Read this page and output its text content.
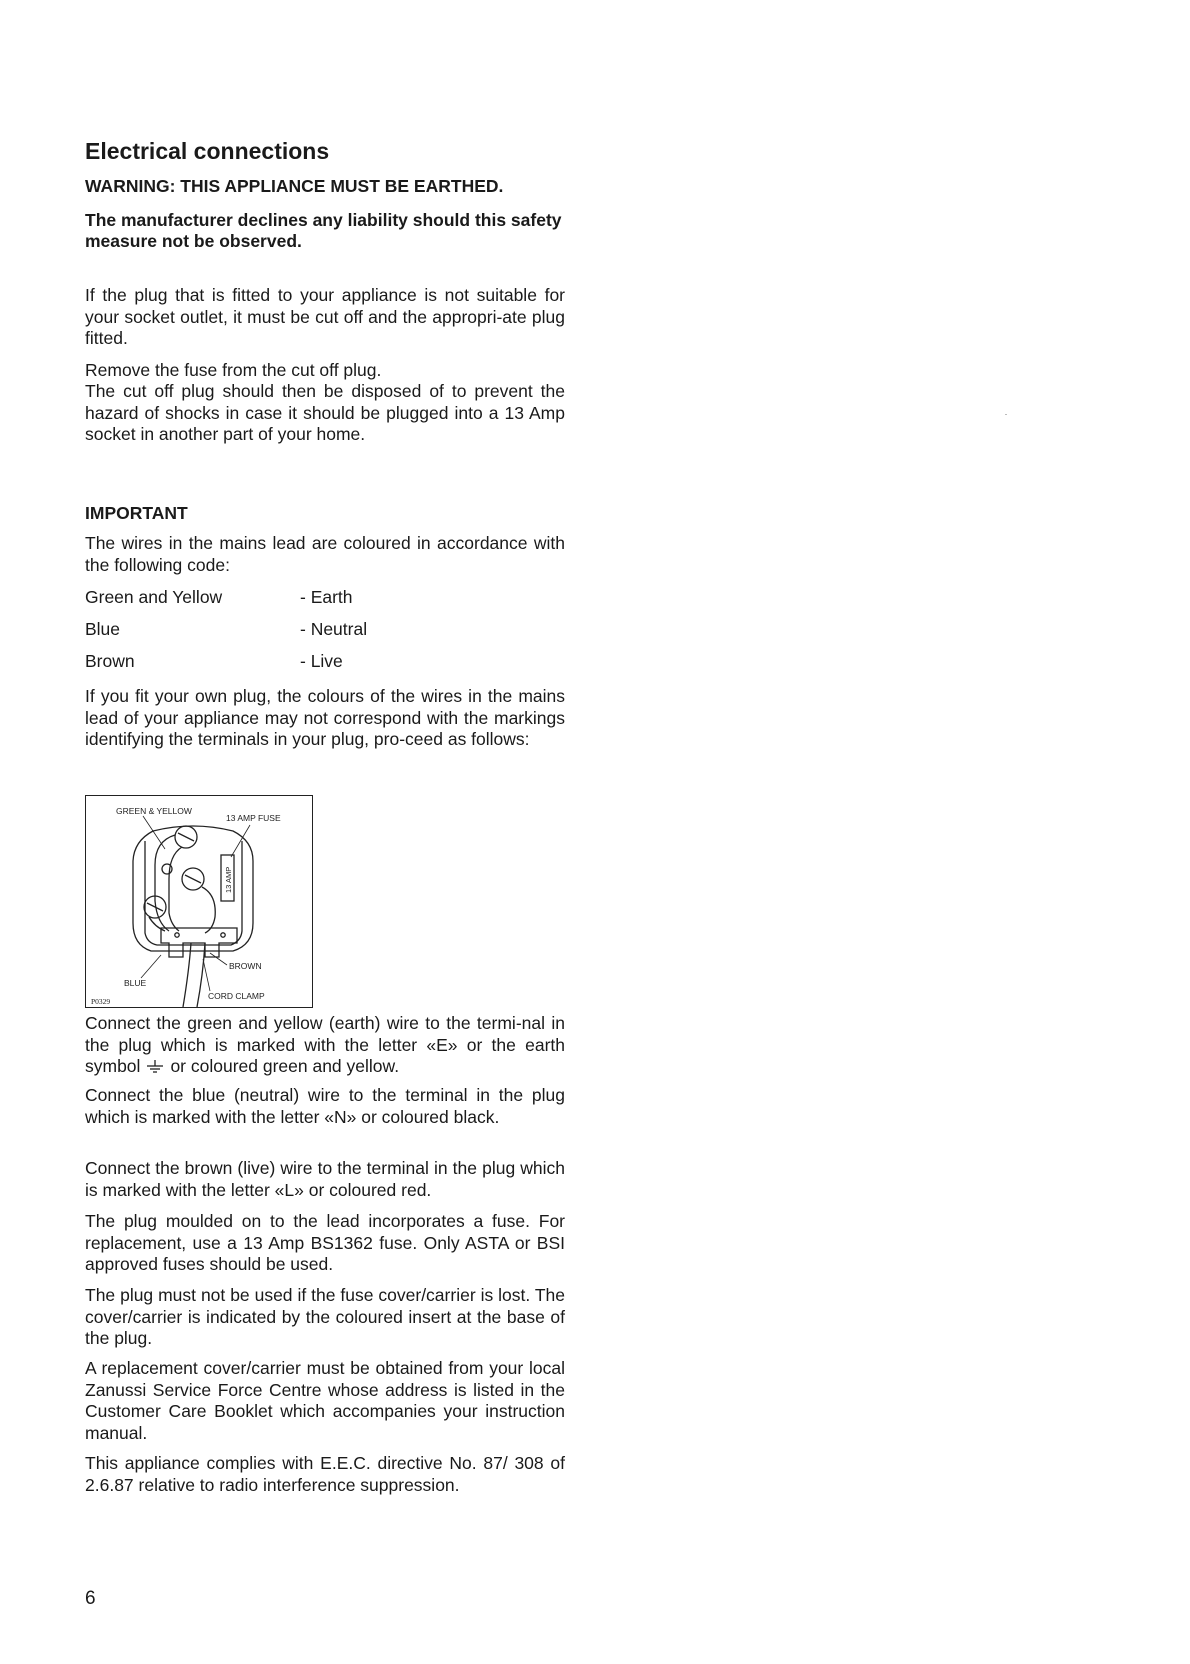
Electrical connections

WARNING: THIS APPLIANCE MUST BE EARTHED.

The manufacturer declines any liability should this safety measure not be observed.

If the plug that is fitted to your appliance is not suitable for your socket outlet, it must be cut off and the appropri-ate plug fitted.

Remove the fuse from the cut off plug.

The cut off plug should then be disposed of to prevent the hazard of shocks in case it should be plugged into a 13 Amp socket in another part of your home.

IMPORTANT

The wires in the mains lead are coloured in accordance with the following code:

Green and Yellow	- Earth
Blue	- Neutral
Brown	- Live

If you fit your own plug, the colours of the wires in the mains lead of your appliance may not correspond with the markings identifying the terminals in your plug, pro-ceed as follows:

GREEN & YELLOW
13 AMP FUSE
BROWN
BLUE
CORD CLAMP
P0329
13 AMP

Connect the green and yellow (earth) wire to the termi-nal in the plug which is marked with the letter «E» or the earth symbol or coloured green and yellow.

Connect the blue (neutral) wire to the terminal in the plug which is marked with the letter «N» or coloured black.

Connect the brown (live) wire to the terminal in the plug which is marked with the letter «L» or coloured red.

The plug moulded on to the lead incorporates a fuse. For replacement, use a 13 Amp BS1362 fuse. Only ASTA or BSI approved fuses should be used.

The plug must not be used if the fuse cover/carrier is lost. The cover/carrier is indicated by the coloured insert at the base of the plug.

A replacement cover/carrier must be obtained from your local Zanussi Service Force Centre whose address is listed in the Customer Care Booklet which accompanies your instruction manual.

This appliance complies with E.E.C. directive No. 87/ 308 of 2.6.87 relative to radio interference suppression.

6
